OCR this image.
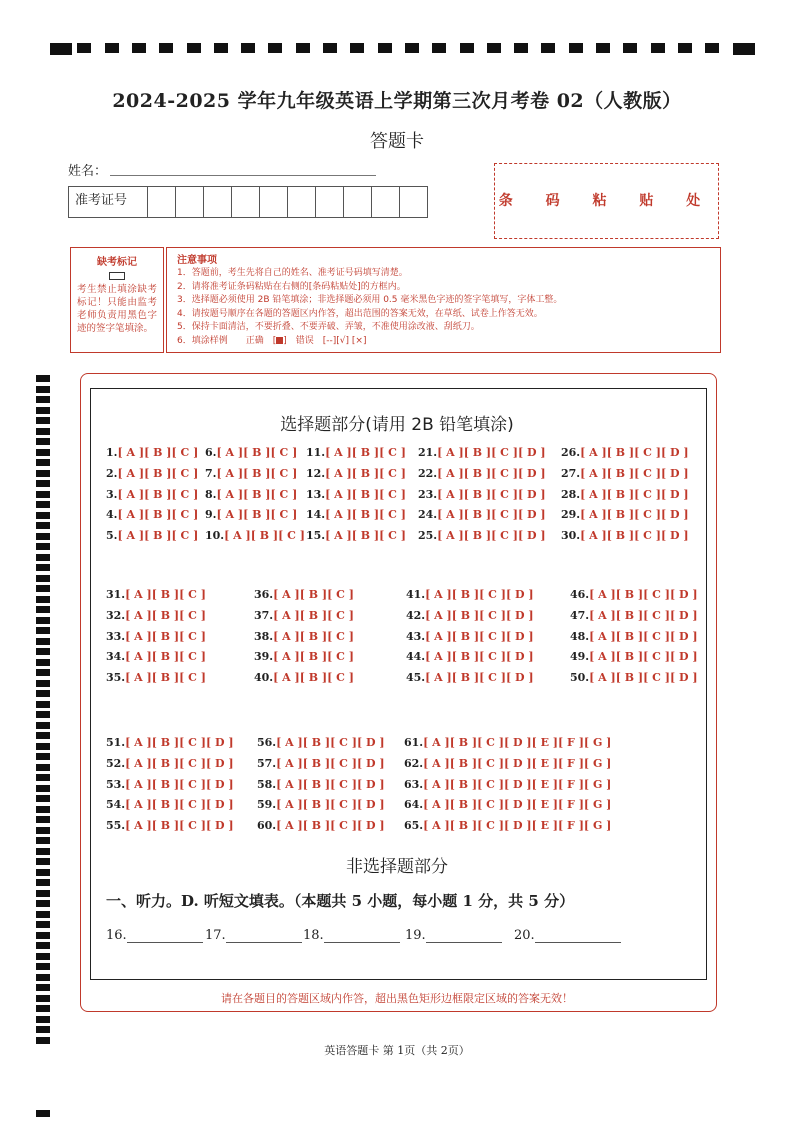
2024-2025 学年九年级英语上学期第三次月考卷 02（人教版）
答题卡
姓名：
准考证号	条 码 粘 贴 处
缺考标记
考生禁止填涂缺考标记！只能由监考老师负责用黑色字迹的签字笔填涂。
注意事项
1．答题前，考生先将自己的姓名、准考证号码填写清楚。
2．请将准考证条码粘贴在右侧的[条码粘贴处]的方框内。
3．选择题必须使用 2B 铅笔填涂；非选择题必须用 0.5 毫米黑色字迹的签字笔填写，字体工整。
4．请按题号顺序在各题的答题区内作答，超出范围的答案无效，在草纸、试卷上作答无效。
5．保持卡面清洁，不要折叠、不要弄破、弄皱，不准使用涂改液、刮纸刀。
6．填涂样例　　正确　[ ]　错误　[--][√] [×]
选择题部分(请用 2B 铅笔填涂)
1.[ A ][ B ][ C ]
2.[ A ][ B ][ C ]
3.[ A ][ B ][ C ]
4.[ A ][ B ][ C ]
5.[ A ][ B ][ C ]
6.[ A ][ B ][ C ]
7.[ A ][ B ][ C ]
8.[ A ][ B ][ C ]
9.[ A ][ B ][ C ]
10.[ A ][ B ][ C ]
11.[ A ][ B ][ C ]
12.[ A ][ B ][ C ]
13.[ A ][ B ][ C ]
14.[ A ][ B ][ C ]
15.[ A ][ B ][ C ]
21.[ A ][ B ][ C ][ D ]
22.[ A ][ B ][ C ][ D ]
23.[ A ][ B ][ C ][ D ]
24.[ A ][ B ][ C ][ D ]
25.[ A ][ B ][ C ][ D ]
26.[ A ][ B ][ C ][ D ]
27.[ A ][ B ][ C ][ D ]
28.[ A ][ B ][ C ][ D ]
29.[ A ][ B ][ C ][ D ]
30.[ A ][ B ][ C ][ D ]
31.[ A ][ B ][ C ]
32.[ A ][ B ][ C ]
33.[ A ][ B ][ C ]
34.[ A ][ B ][ C ]
35.[ A ][ B ][ C ]
36.[ A ][ B ][ C ]
37.[ A ][ B ][ C ]
38.[ A ][ B ][ C ]
39.[ A ][ B ][ C ]
40.[ A ][ B ][ C ]
41.[ A ][ B ][ C ][ D ]
42.[ A ][ B ][ C ][ D ]
43.[ A ][ B ][ C ][ D ]
44.[ A ][ B ][ C ][ D ]
45.[ A ][ B ][ C ][ D ]
46.[ A ][ B ][ C ][ D ]
47.[ A ][ B ][ C ][ D ]
48.[ A ][ B ][ C ][ D ]
49.[ A ][ B ][ C ][ D ]
50.[ A ][ B ][ C ][ D ]
51.[ A ][ B ][ C ][ D ]
52.[ A ][ B ][ C ][ D ]
53.[ A ][ B ][ C ][ D ]
54.[ A ][ B ][ C ][ D ]
55.[ A ][ B ][ C ][ D ]
56.[ A ][ B ][ C ][ D ]
57.[ A ][ B ][ C ][ D ]
58.[ A ][ B ][ C ][ D ]
59.[ A ][ B ][ C ][ D ]
60.[ A ][ B ][ C ][ D ]
61.[ A ][ B ][ C ][ D ][ E ][ F ][ G ]
62.[ A ][ B ][ C ][ D ][ E ][ F ][ G ]
63.[ A ][ B ][ C ][ D ][ E ][ F ][ G ]
64.[ A ][ B ][ C ][ D ][ E ][ F ][ G ]
65.[ A ][ B ][ C ][ D ][ E ][ F ][ G ]
非选择题部分
一、听力。D. 听短文填表。（本题共 5 小题，每小题 1 分，共 5 分）
16.	17.	18.	19.	20.
请在各题目的答题区域内作答，超出黑色矩形边框限定区域的答案无效！
英语答题卡 第 1页（共 2页）
